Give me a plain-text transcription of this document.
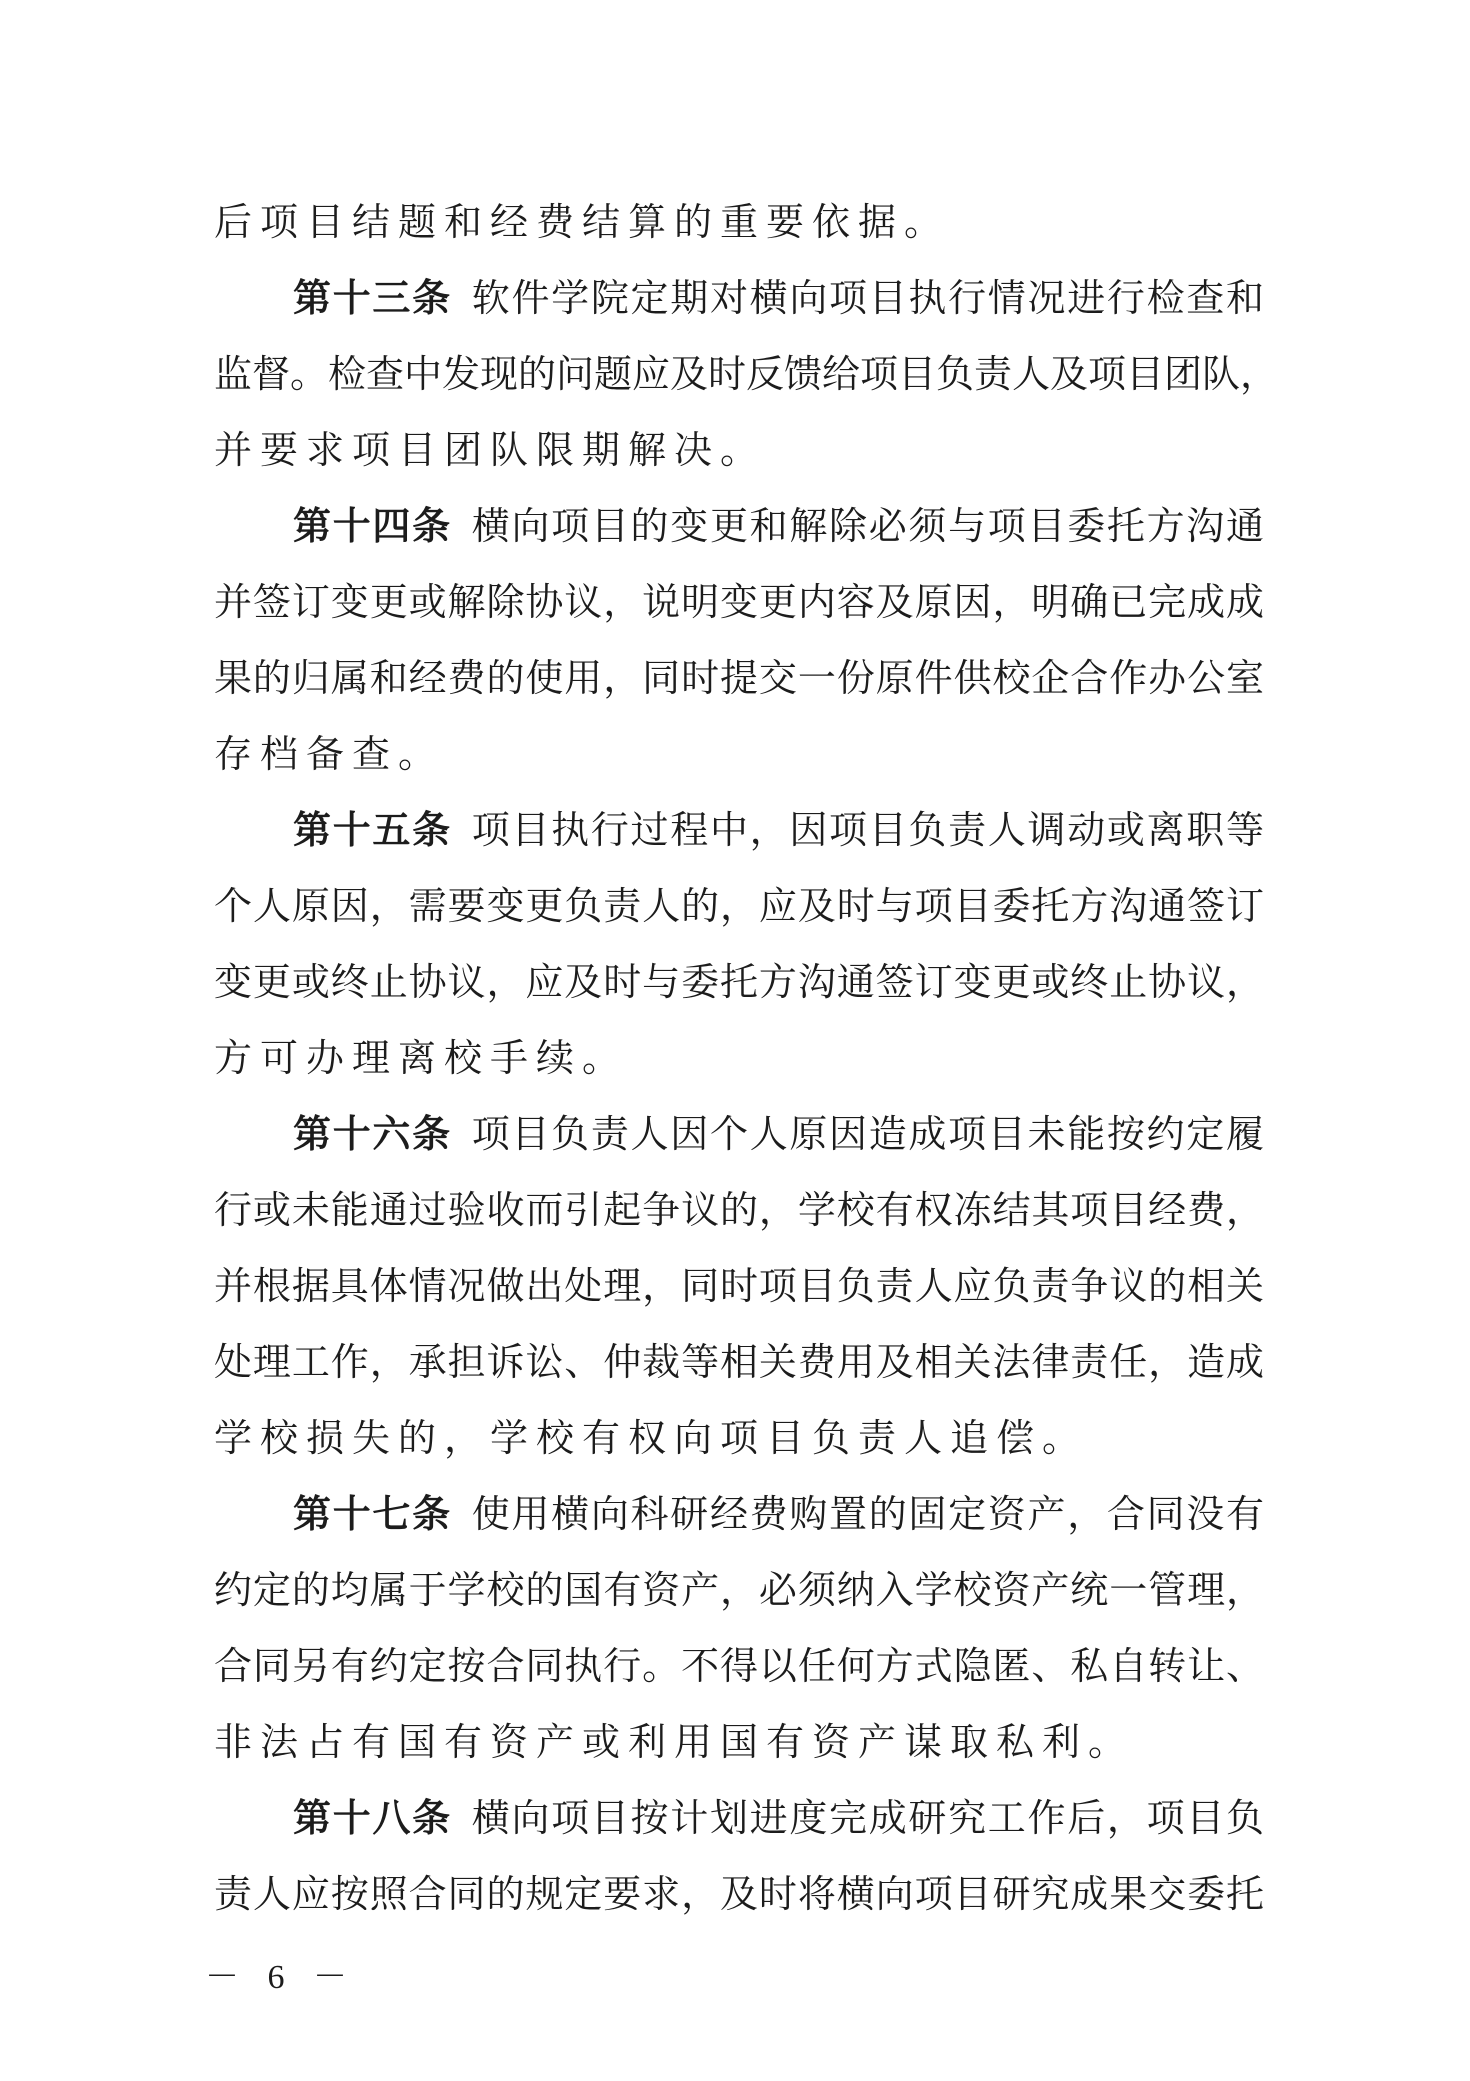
后项目结题和经费结算的重要依据。
第十三条 软件学院定期对横向项目执行情况进行检查和
监督。检查中发现的问题应及时反馈给项目负责人及项目团队，
并要求项目团队限期解决。
第十四条 横向项目的变更和解除必须与项目委托方沟通
并签订变更或解除协议，说明变更内容及原因，明确已完成成
果的归属和经费的使用，同时提交一份原件供校企合作办公室
存档备查。
第十五条 项目执行过程中，因项目负责人调动或离职等
个人原因，需要变更负责人的，应及时与项目委托方沟通签订
变更或终止协议，应及时与委托方沟通签订变更或终止协议，
方可办理离校手续。
第十六条 项目负责人因个人原因造成项目未能按约定履
行或未能通过验收而引起争议的，学校有权冻结其项目经费，
并根据具体情况做出处理，同时项目负责人应负责争议的相关
处理工作，承担诉讼、仲裁等相关费用及相关法律责任，造成
学校损失的，学校有权向项目负责人追偿。
第十七条 使用横向科研经费购置的固定资产，合同没有
约定的均属于学校的国有资产，必须纳入学校资产统一管理，
合同另有约定按合同执行。不得以任何方式隐匿、私自转让、
非法占有国有资产或利用国有资产谋取私利。
第十八条 横向项目按计划进度完成研究工作后，项目负
责人应按照合同的规定要求，及时将横向项目研究成果交委托
－ 6 －
